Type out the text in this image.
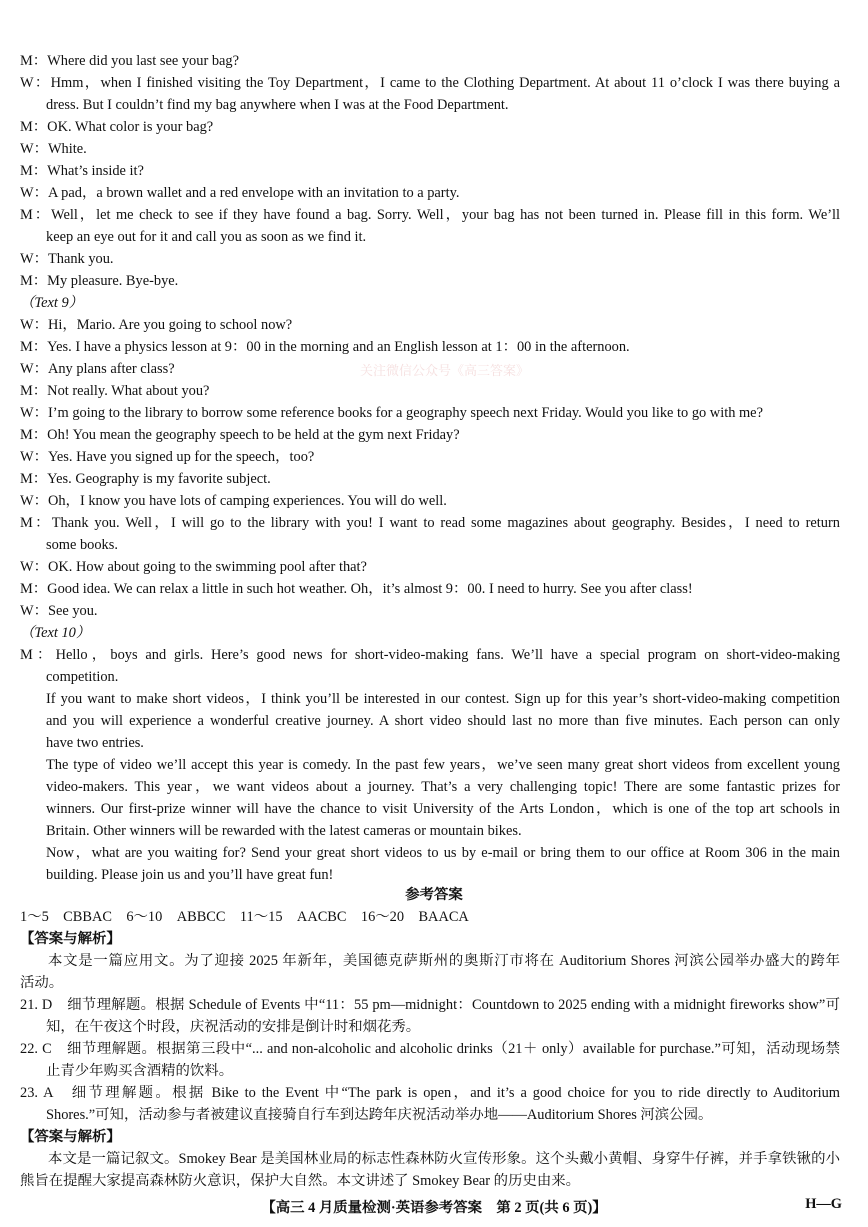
M：Where did you last see your bag?
W：Hmm，when I finished visiting the Toy Department，I came to the Clothing Department. At about 11 o’clock I was there buying a
dress. But I couldn’t find my bag anywhere when I was at the Food Department.
M：OK. What color is your bag?
W：White.
M：What’s inside it?
W：A pad，a brown wallet and a red envelope with an invitation to a party.
M：Well，let me check to see if they have found a bag. Sorry. Well，your bag has not been turned in. Please fill in this form. We’ll
keep an eye out for it and call you as soon as we find it.
W：Thank you.
M：My pleasure. Bye-bye.
（Text 9）
W：Hi，Mario. Are you going to school now?
M：Yes. I have a physics lesson at 9：00 in the morning and an English lesson at 1：00 in the afternoon.
W：Any plans after class?
M：Not really. What about you?
W：I’m going to the library to borrow some reference books for a geography speech next Friday. Would you like to go with me?
M：Oh! You mean the geography speech to be held at the gym next Friday?
W：Yes. Have you signed up for the speech，too?
M：Yes. Geography is my favorite subject.
W：Oh，I know you have lots of camping experiences. You will do well.
M：Thank you. Well，I will go to the library with you! I want to read some magazines about geography. Besides，I need to return
some books.
W：OK. How about going to the swimming pool after that?
M：Good idea. We can relax a little in such hot weather. Oh，it’s almost 9：00. I need to hurry. See you after class!
W：See you.
（Text 10）
M：Hello，boys and girls. Here’s good news for short-video-making fans. We’ll have a special program on short-video-making
competition.
If you want to make short videos，I think you’ll be interested in our contest. Sign up for this year’s short-video-making competition
and you will experience a wonderful creative journey. A short video should last no more than five minutes. Each person can only
have two entries.
The type of video we’ll accept this year is comedy. In the past few years，we’ve seen many great short videos from excellent young
video-makers. This year，we want videos about a journey. That’s a very challenging topic! There are some fantastic prizes for
winners. Our first-prize winner will have the chance to visit University of the Arts London，which is one of the top art schools in
Britain. Other winners will be rewarded with the latest cameras or mountain bikes.
Now，what are you waiting for? Send your great short videos to us by e-mail or bring them to our office at Room 306 in the main
building. Please join us and you’ll have great fun!
参考答案
1～5　CBBAC　6～10　ABBCC　11～15　AACBC　16～20　BAACA
【答案与解析】
本文是一篇应用文。为了迎接 2025 年新年，美国德克萨斯州的奥斯汀市将在 Auditorium Shores 河滨公园举办盛大的跨年
活动。
21. D　细节理解题。根据 Schedule of Events 中“11：55 pm—midnight：Countdown to 2025 ending with a midnight fireworks show”可
知，在午夜这个时段，庆祝活动的安排是倒计时和烟花秀。
22. C　细节理解题。根据第三段中“... and non-alcoholic and alcoholic drinks（21＋ only）available for purchase.”可知，活动现场禁
止青少年购买含酒精的饮料。
23. A　细节理解题。根据 Bike to the Event 中“The park is open，and it’s a good choice for you to ride directly to Auditorium
Shores.”可知，活动参与者被建议直接骑自行车到达跨年庆祝活动举办地——Auditorium Shores 河滨公园。
【答案与解析】
本文是一篇记叙文。Smokey Bear 是美国林业局的标志性森林防火宣传形象。这个头戴小黄帽、身穿牛仔裤，并手拿铁锹的小
熊旨在提醒大家提高森林防火意识，保护大自然。本文讲述了 Smokey Bear 的历史由来。
关注微信公众号《高三答案》
【高三 4 月质量检测·英语参考答案　第 2 页(共 6 页)】	H—G
